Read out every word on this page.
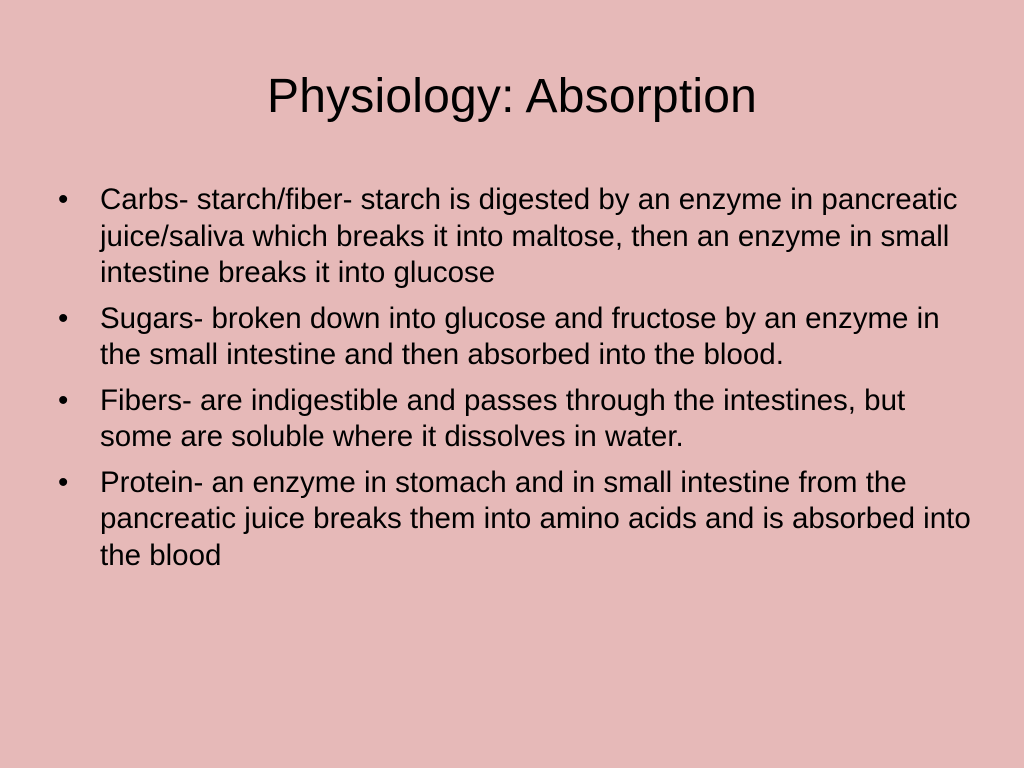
Physiology: Absorption
•	Carbs- starch/fiber- starch is digested by an enzyme in pancreatic juice/saliva which breaks it into maltose, then an enzyme in small intestine breaks it into glucose
•	Sugars- broken down into glucose and fructose by an enzyme in the small intestine and then absorbed into the blood.
•	Fibers- are indigestible and passes through the intestines, but some are soluble where it dissolves in water.
•	Protein- an enzyme in stomach and in small intestine from the pancreatic juice breaks them into amino acids and is absorbed into the blood
